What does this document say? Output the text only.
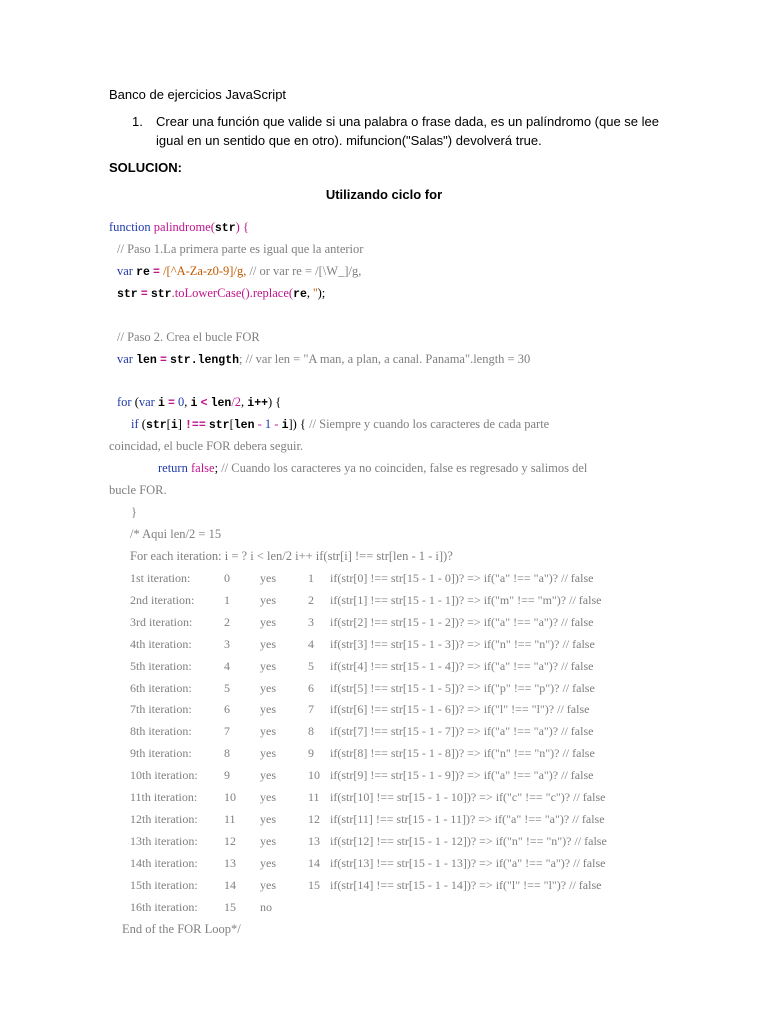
Banco de ejercicios JavaScript
1. Crear una función que valide si una palabra o frase dada, es un palíndromo (que se lee
igual en un sentido que en otro). mifuncion("Salas") devolverá true.
SOLUCION:
Utilizando ciclo for
function palindrome(str) {
// Paso 1.La primera parte es igual que la anterior
var re = /[^A-Za-z0-9]/g, // or var re = /[\W_]/g,
str = str.toLowerCase().replace(re, '');
// Paso 2. Crea el bucle FOR
var len = str.length; // var len = "A man, a plan, a canal. Panama".length = 30
for (var i = 0, i < len/2, i++) {
if (str[i] !== str[len - 1 - i]) { // Siempre y cuando los caracteres de cada parte
coincidad, el bucle FOR debera seguir.
return false; // Cuando los caracteres ya no coinciden, false es regresado y salimos del
bucle FOR.
}
/* Aqui len/2 = 15
For each iteration: i = ? i < len/2 i++ if(str[i] !== str[len - 1 - i])?
1st iteration:	0	yes	1 if(str[0] !== str[15 - 1 - 0])? => if("a" !== "a")? // false
2nd iteration: 1	yes	2 if(str[1] !== str[15 - 1 - 1])? => if("m" !== "m")? // false
3rd iteration:	2	yes	3 if(str[2] !== str[15 - 1 - 2])? => if("a" !== "a")? // false
4th iteration:	3	yes	4 if(str[3] !== str[15 - 1 - 3])? => if("n" !== "n")? // false
5th iteration:	4	yes	5 if(str[4] !== str[15 - 1 - 4])? => if("a" !== "a")? // false
6th iteration:	5	yes	6 if(str[5] !== str[15 - 1 - 5])? => if("p" !== "p")? // false
7th iteration:	6	yes	7 if(str[6] !== str[15 - 1 - 6])? => if("l" !== "l")? // false
8th iteration:	7	yes	8 if(str[7] !== str[15 - 1 - 7])? => if("a" !== "a")? // false
9th iteration:	8	yes	9 if(str[8] !== str[15 - 1 - 8])? => if("n" !== "n")? // false
10th iteration: 9	yes	10 if(str[9] !== str[15 - 1 - 9])? => if("a" !== "a")? // false
11th iteration: 10 yes	11 if(str[10] !== str[15 - 1 - 10])? => if("c" !== "c")? // false
12th iteration: 11 yes	12 if(str[11] !== str[15 - 1 - 11])? => if("a" !== "a")? // false
13th iteration: 12 yes	13 if(str[12] !== str[15 - 1 - 12])? => if("n" !== "n")? // false
14th iteration: 13 yes	14 if(str[13] !== str[15 - 1 - 13])? => if("a" !== "a")? // false
15th iteration: 14 yes	15 if(str[14] !== str[15 - 1 - 14])? => if("l" !== "l")? // false
16th iteration: 15 no
End of the FOR Loop*/
